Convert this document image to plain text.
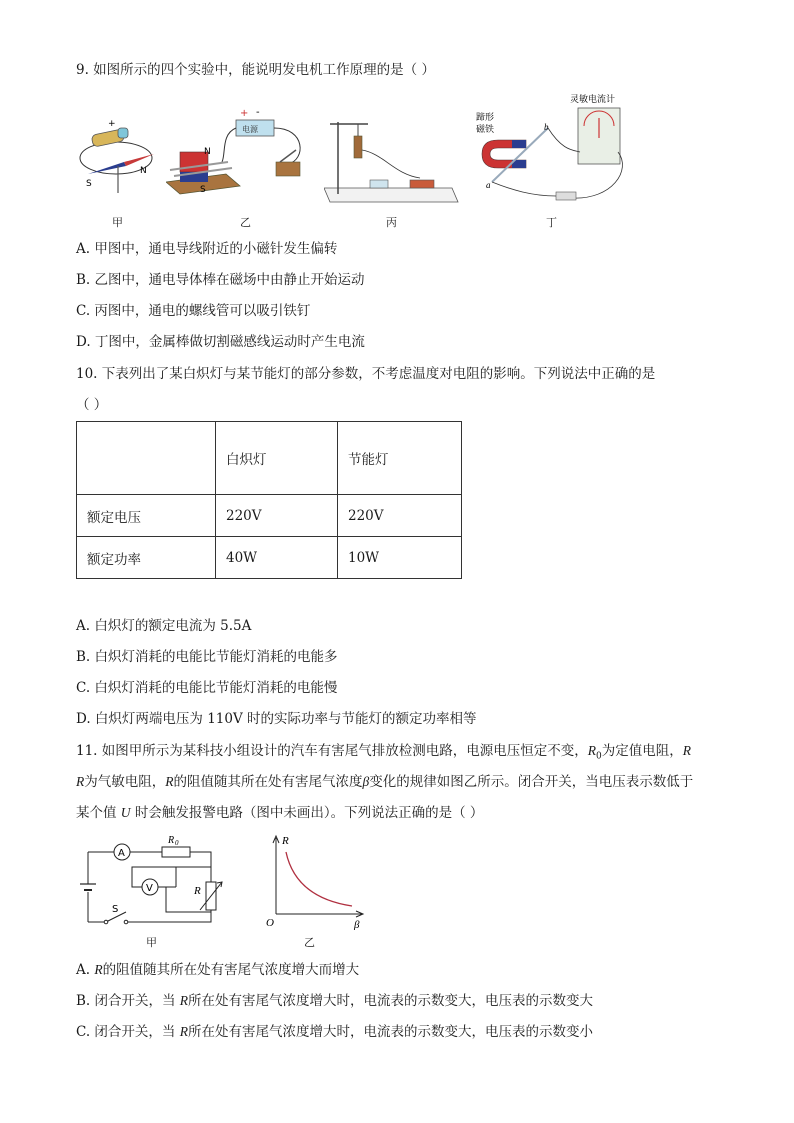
9. 如图所示的四个实验中，能说明发电机工作原理的是（ ）
S
N
+
甲
电源
+ -
N
S
乙	丙
蹄形
磁铁
灵敏电流计
a
b
丁
A. 甲图中，通电导线附近的小磁针发生偏转
B. 乙图中，通电导体棒在磁场中由静止开始运动
C. 丙图中，通电的螺线管可以吸引铁钉
D. 丁图中，金属棒做切割磁感线运动时产生电流
10. 下表列出了某白炽灯与某节能灯的部分参数，不考虑温度对电阻的影响。下列说法中正确的是
（ ）
	白炽灯	节能灯
额定电压	220V	220V
额定功率	40W	10W
A. 白炽灯的额定电流为 5.5A
B. 白炽灯消耗的电能比节能灯消耗的电能多
C. 白炽灯消耗的电能比节能灯消耗的电能慢
D. 白炽灯两端电压为 110V 时的实际功率与节能灯的额定功率相等
11. 如图甲所示为某科技小组设计的汽车有害尾气排放检测电路，电源电压恒定不变，$R_0$为定值电阻，R
R为气敏电阻，R的阻值随其所在处有害尾气浓度β变化的规律如图乙所示。闭合开关，当电压表示数低于
某个值 U 时会触发报警电路（图中未画出）。下列说法正确的是（ ）
S
A
R 0
V	R
甲
R
β
O
乙
A. R的阻值随其所在处有害尾气浓度增大而增大
B. 闭合开关，当 R所在处有害尾气浓度增大时，电流表的示数变大，电压表的示数变大
C. 闭合开关，当 R所在处有害尾气浓度增大时，电流表的示数变大，电压表的示数变小
